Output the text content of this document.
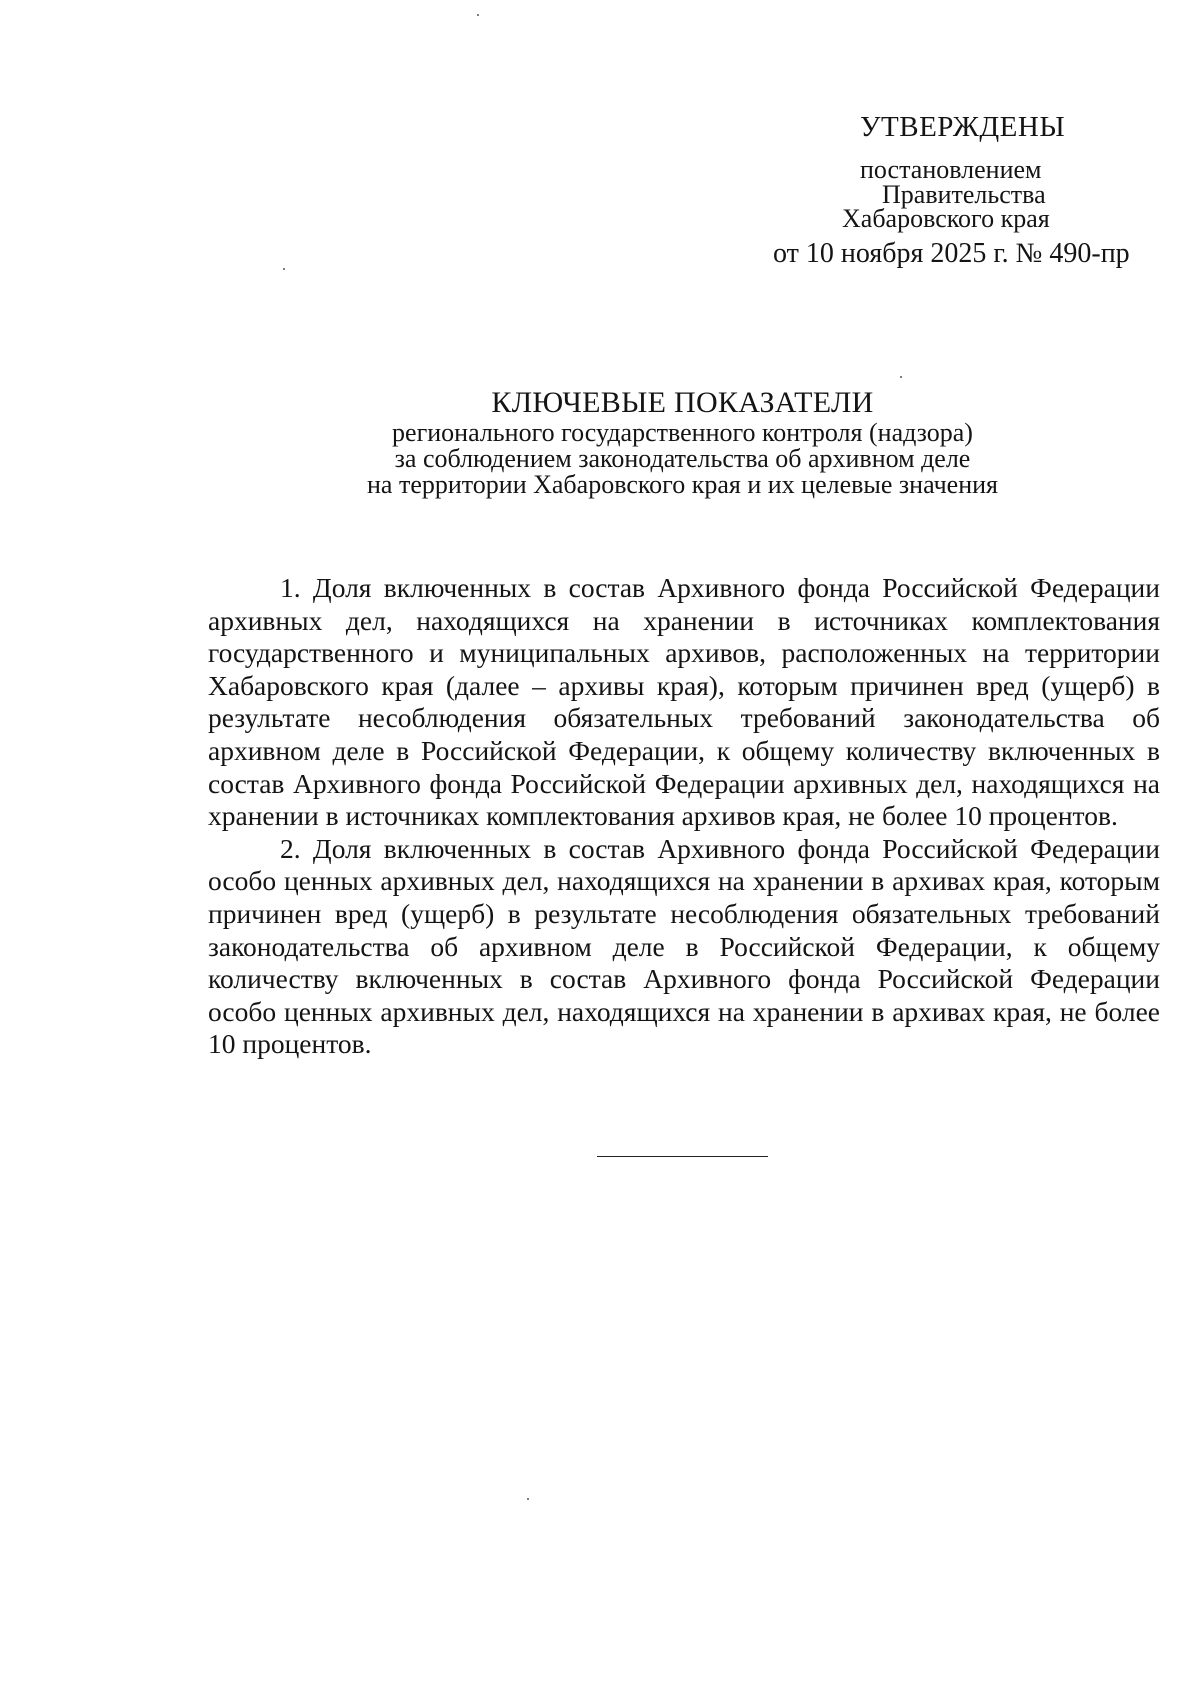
УТВЕРЖДЕНЫ
постановлением
Правительства
Хабаровского края
от 10 ноября 2025 г. № 490-пр
КЛЮЧЕВЫЕ ПОКАЗАТЕЛИ
регионального государственного контроля (надзора)
за соблюдением законодательства об архивном деле
на территории Хабаровского края и их целевые значения

1. Доля включенных в состав Архивного фонда Российской Федерации архивных дел, находящихся на хранении в источниках комплектования государственного и муниципальных архивов, расположенных на территории Хабаровского края (далее – архивы края), которым причинен вред (ущерб) в результате несоблюдения обязательных требований законодательства об архивном деле в Российской Федерации, к общему количеству включенных в состав Архивного фонда Российской Федерации архивных дел, находящихся на хранении в источниках комплектования архивов края, не более 10 процентов.

2. Доля включенных в состав Архивного фонда Российской Федерации особо ценных архивных дел, находящихся на хранении в архивах края, которым причинен вред (ущерб) в результате несоблюдения обязательных требований законодательства об архивном деле в Российской Федерации, к общему количеству включенных в состав Архивного фонда Российской Федерации особо ценных архивных дел, находящихся на хранении в архивах края, не более 10 процентов.
